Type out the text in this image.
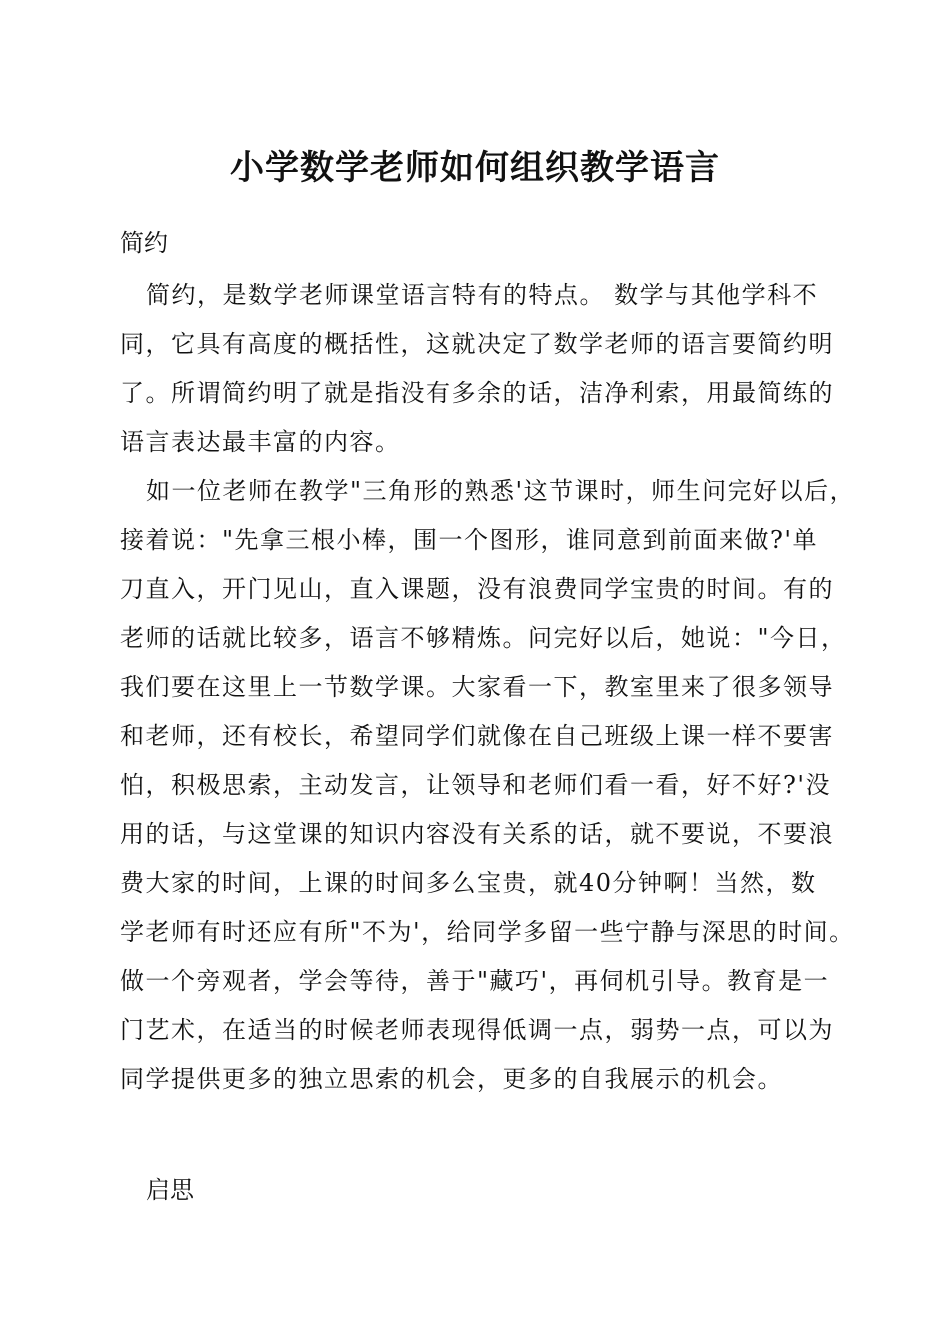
小学数学老师如何组织教学语言
简约
简约，是数学老师课堂语言特有的特点。 数学与其他学科不
同，它具有高度的概括性，这就决定了数学老师的语言要简约明
了。所谓简约明了就是指没有多余的话，洁净利索，用最简练的
语言表达最丰富的内容。
如一位老师在教学"三角形的熟悉'这节课时，师生问完好以后，
接着说："先拿三根小棒，围一个图形，谁同意到前面来做?'单
刀直入，开门见山，直入课题，没有浪费同学宝贵的时间。有的
老师的话就比较多，语言不够精炼。问完好以后，她说："今日，
我们要在这里上一节数学课。大家看一下，教室里来了很多领导
和老师，还有校长，希望同学们就像在自己班级上课一样不要害
怕，积极思索，主动发言，让领导和老师们看一看，好不好?'没
用的话，与这堂课的知识内容没有关系的话，就不要说，不要浪
费大家的时间，上课的时间多么宝贵，就40分钟啊！当然，数
学老师有时还应有所"不为'，给同学多留一些宁静与深思的时间。
做一个旁观者，学会等待，善于"藏巧'，再伺机引导。教育是一
门艺术，在适当的时候老师表现得低调一点，弱势一点，可以为
同学提供更多的独立思索的机会，更多的自我展示的机会。
启思
